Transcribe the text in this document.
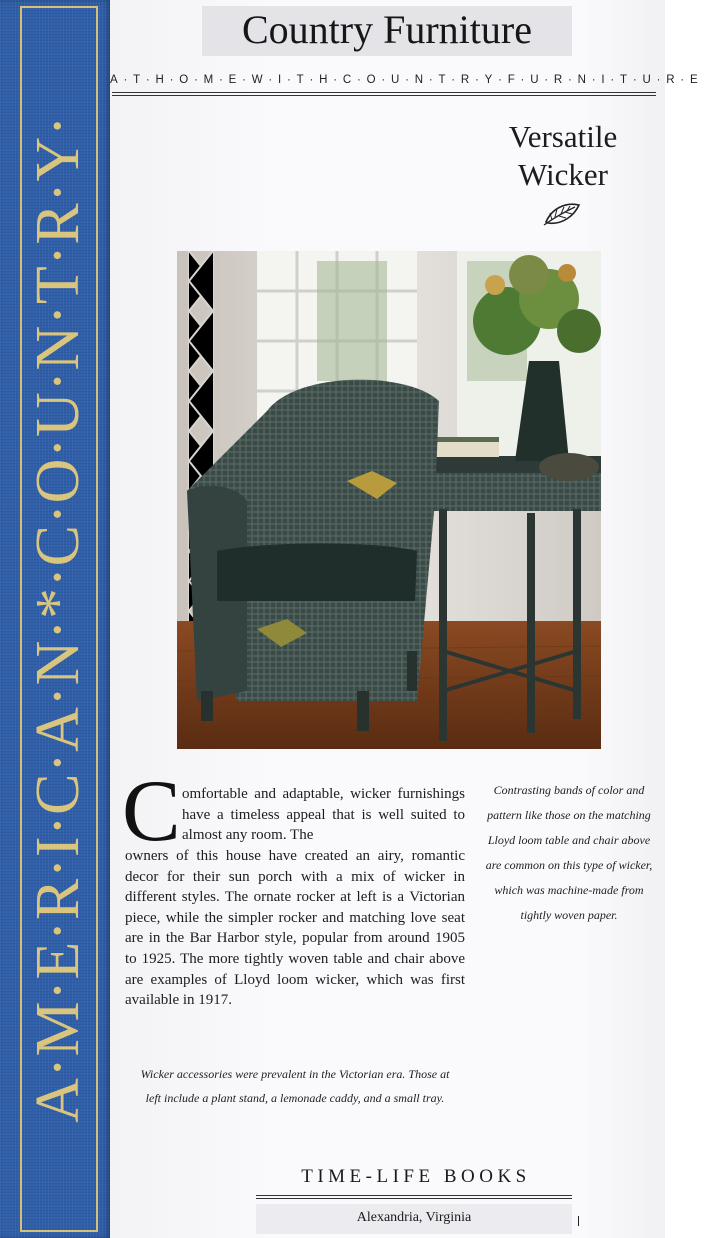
A·M·E·R·I·C·A·N·*·C·O·U·N·T·R·Y·
Country Furniture
A·T·H·O·M·E·W·I·T·H·C·O·U·N·T·R·Y·F·U·R·N·I·T·U·R·E
Versatile
Wicker
C omfortable and adaptable, wicker furnishings have a timeless appeal that is well suited to almost any room. The
owners of this house have created an airy, romantic decor for their sun porch with a mix of wicker in different styles. The ornate rocker at left is a Victorian piece, while the simpler rocker and matching love seat are in the Bar Harbor style, popular from around 1905 to 1925. The more tightly woven table and chair above are examples of Lloyd loom wicker, which was first available in 1917.
Contrasting bands of color and pattern like those on the matching Lloyd loom table and chair above are common on this type of wicker, which was machine-made from tightly woven paper.
Wicker accessories were prevalent in the Victorian era. Those at left include a plant stand, a lemonade caddy, and a small tray.
TIME-LIFE BOOKS
Alexandria, Virginia
